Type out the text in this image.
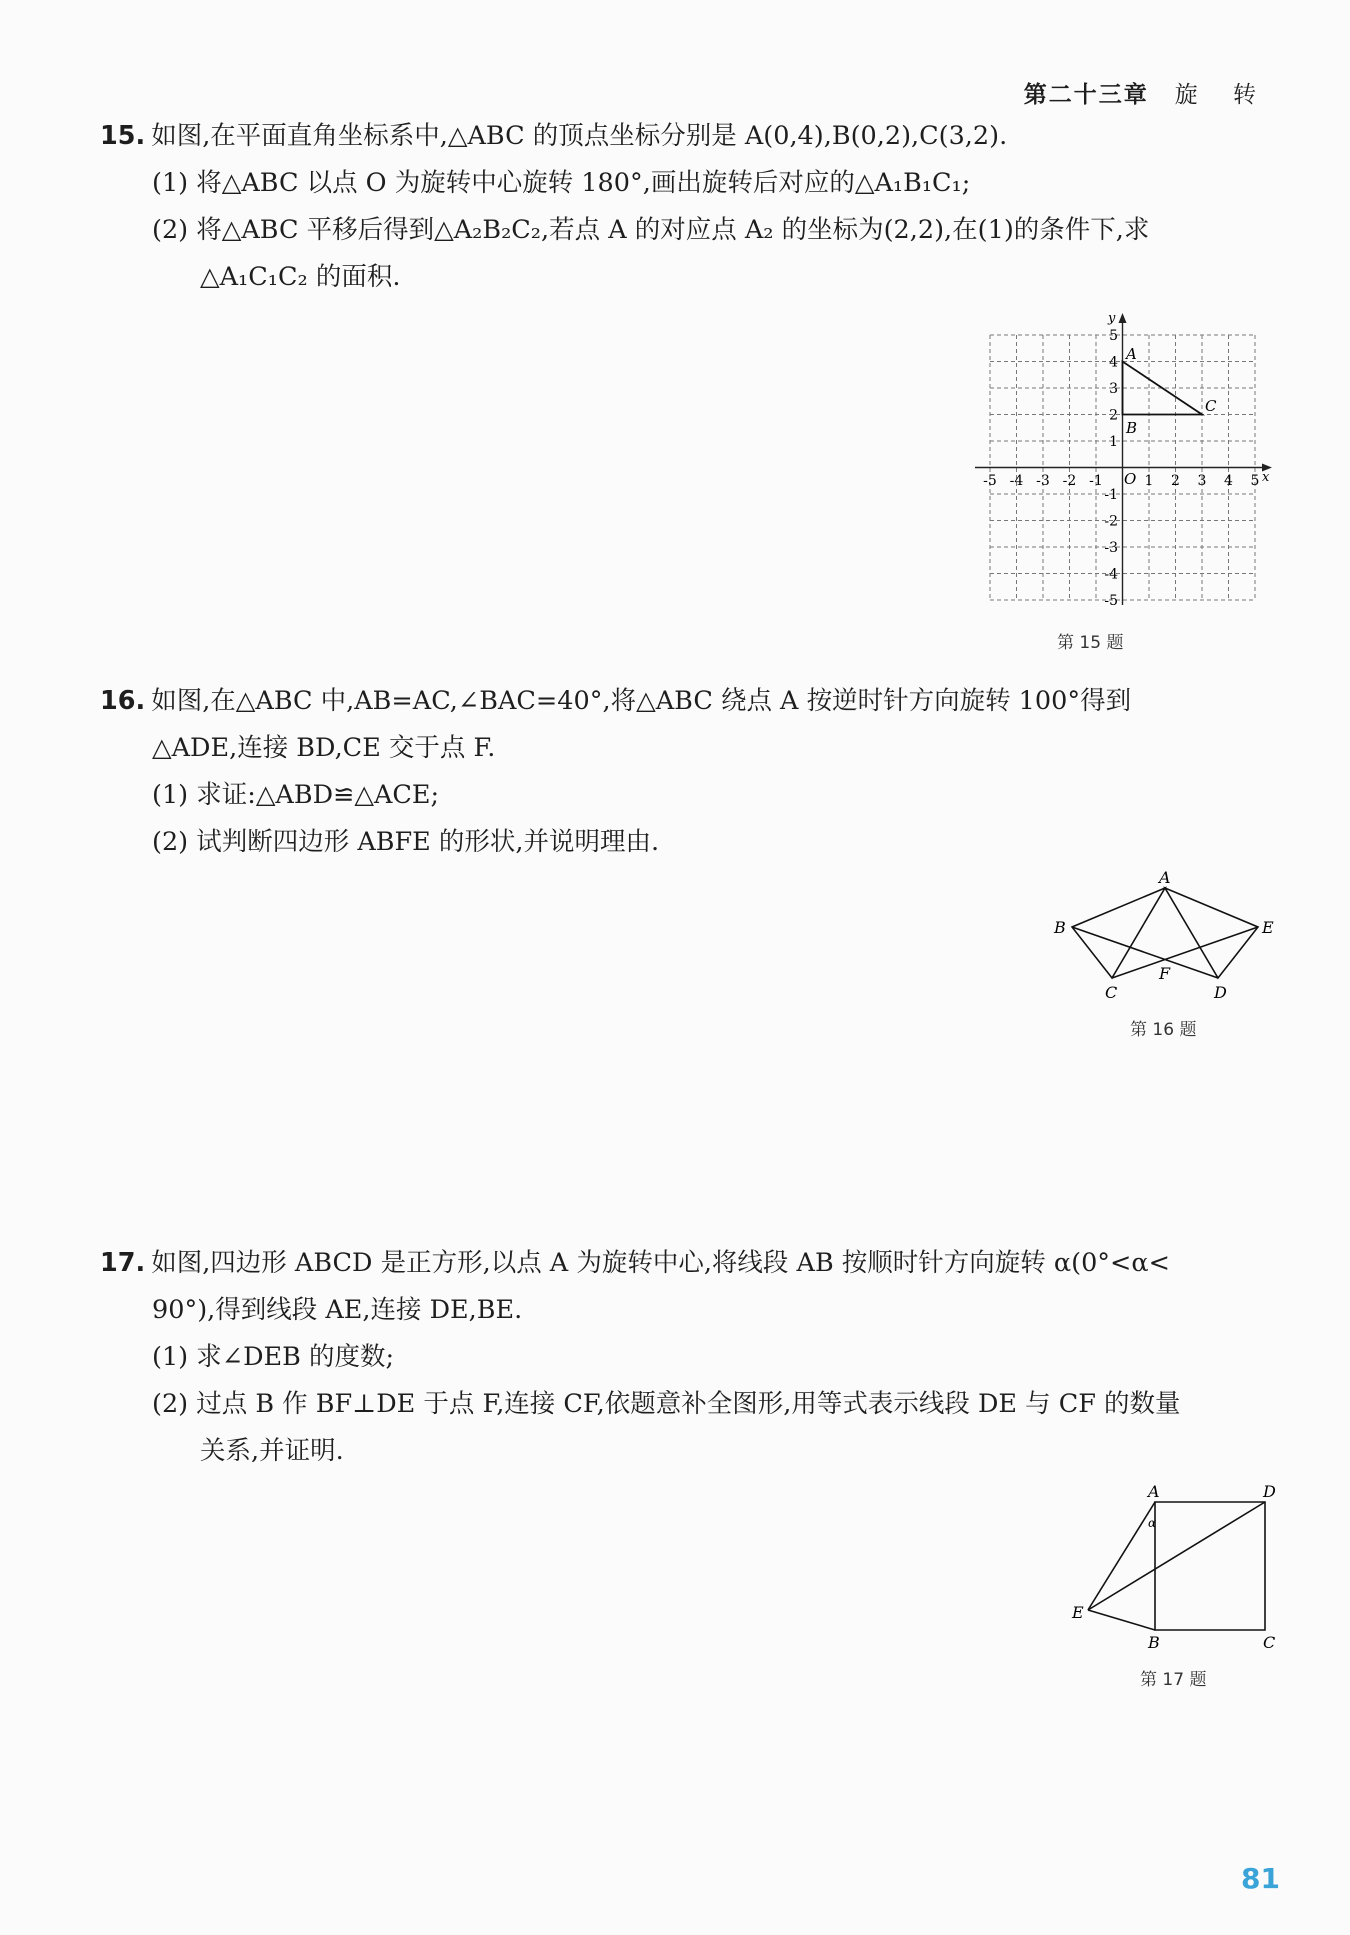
第二十三章 旋 转
15. 如图,在平面直角坐标系中,△ABC 的顶点坐标分别是 A(0,4),B(0,2),C(3,2).
(1) 将△ABC 以点 O 为旋转中心旋转 180°,画出旋转后对应的△A₁B₁C₁;
(2) 将△ABC 平移后得到△A₂B₂C₂,若点 A 的对应点 A₂ 的坐标为(2,2),在(1)的条件下,求
△A₁C₁C₂ 的面积.
x
y
O
-5 -4 -3 -2 -1	1 2 3 4 5
5
4
3
2
1
-1
-2
-3
-4
-5
A
B
C
第 15 题
16. 如图,在△ABC 中,AB=AC,∠BAC=40°,将△ABC 绕点 A 按逆时针方向旋转 100°得到
△ADE,连接 BD,CE 交于点 F.
(1) 求证:△ABD≌△ACE;
(2) 试判断四边形 ABFE 的形状,并说明理由.
A
B
C	D
E
F
第 16 题
17. 如图,四边形 ABCD 是正方形,以点 A 为旋转中心,将线段 AB 按顺时针方向旋转 α(0°<α<
90°),得到线段 AE,连接 DE,BE.
(1) 求∠DEB 的度数;
(2) 过点 B 作 BF⊥DE 于点 F,连接 CF,依题意补全图形,用等式表示线段 DE 与 CF 的数量
关系,并证明.
A	D
E
B	C
α
第 17 题
81
